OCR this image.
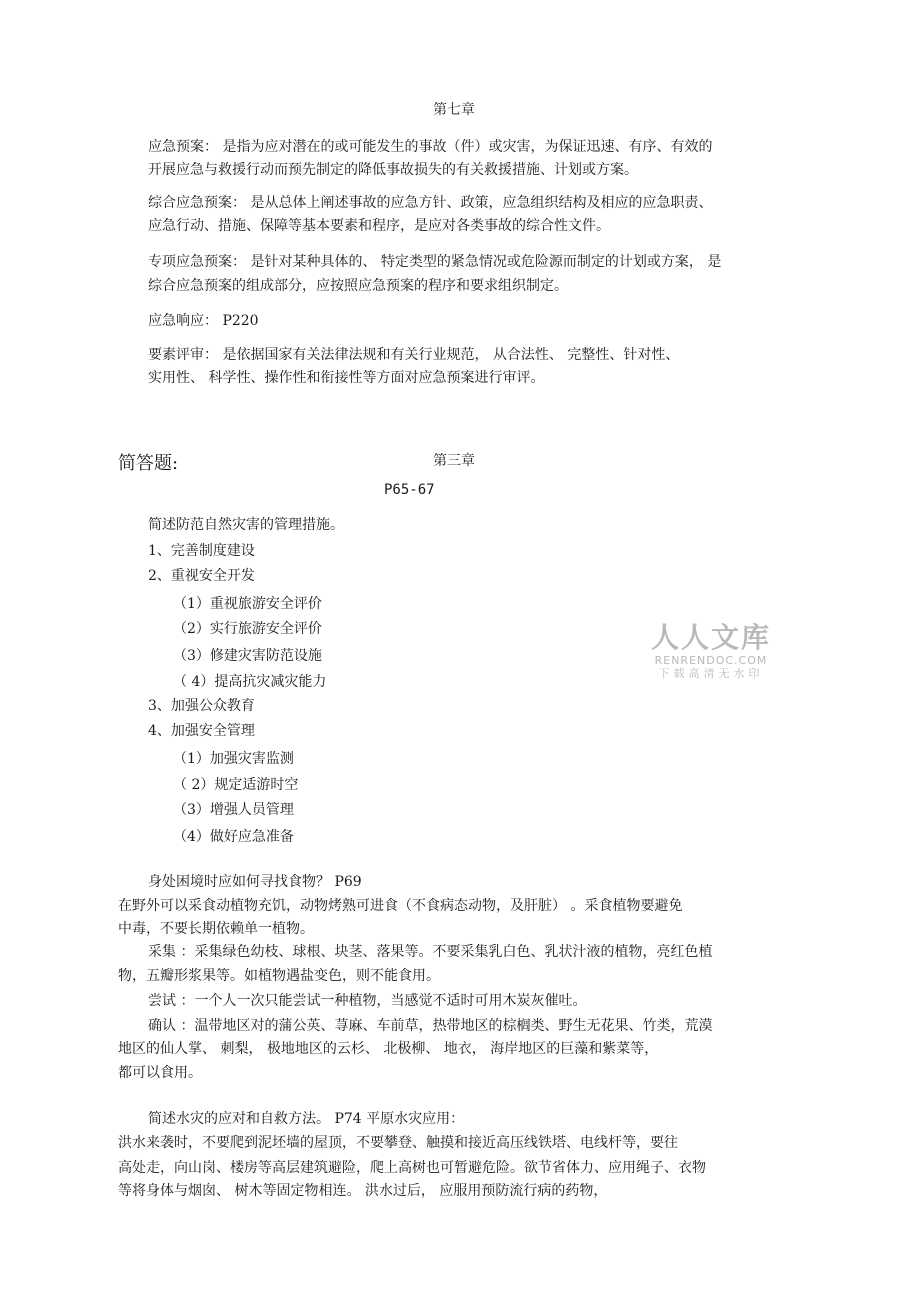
第七章
应急预案： 是指为应对潜在的或可能发生的事故（件）或灾害，为保证迅速、有序、有效的
开展应急与救援行动而预先制定的降低事故损失的有关救援措施、计划或方案。
综合应急预案： 是从总体上阐述事故的应急方针、政策，应急组织结构及相应的应急职责、
应急行动、措施、保障等基本要素和程序，是应对各类事故的综合性文件。
专项应急预案： 是针对某种具体的、 特定类型的紧急情况或危险源而制定的计划或方案， 是
综合应急预案的组成部分，应按照应急预案的程序和要求组织制定。
应急响应： P220
要素评审： 是依据国家有关法律法规和有关行业规范， 从合法性、 完整性、针对性、
实用性、 科学性、操作性和衔接性等方面对应急预案进行审评。
简答题:	第三章
P65-67
简述防范自然灾害的管理措施。
1、完善制度建设
2、重视安全开发
（1）重视旅游安全评价
（2）实行旅游安全评价
（3）修建灾害防范设施
（ 4）提高抗灾减灾能力
3、加强公众教育
4、加强安全管理
（1）加强灾害监测
（ 2）规定适游时空
（3）增强人员管理
（4）做好应急准备
身处困境时应如何寻找食物？ P69
在野外可以采食动植物充饥，动物烤熟可进食（不食病态动物，及肝脏） 。采食植物要避免
中毒，不要长期依赖单一植物。
采集 ：采集绿色幼枝、球根、块茎、落果等。不要采集乳白色、乳状汁液的植物，亮红色植
物，五瓣形浆果等。如植物遇盐变色，则不能食用。
尝试 ：一个人一次只能尝试一种植物，当感觉不适时可用木炭灰催吐。
确认 ：温带地区对的蒲公英、荨麻、车前草，热带地区的棕榈类、野生无花果、竹类，荒漠
地区的仙人掌、 刺梨， 极地地区的云杉、 北极柳、 地衣， 海岸地区的巨藻和紫菜等，
都可以食用。
简述水灾的应对和自救方法。 P74 平原水灾应用：
洪水来袭时，不要爬到泥坯墙的屋顶，不要攀登、触摸和接近高压线铁塔、电线杆等，要往
高处走，向山岗、楼房等高层建筑避险，爬上高树也可暂避危险。欲节省体力、应用绳子、衣物
等将身体与烟囱、 树木等固定物相连。 洪水过后， 应服用预防流行病的药物，
人人文库
RENRENDOC.COM
下载高清无水印
